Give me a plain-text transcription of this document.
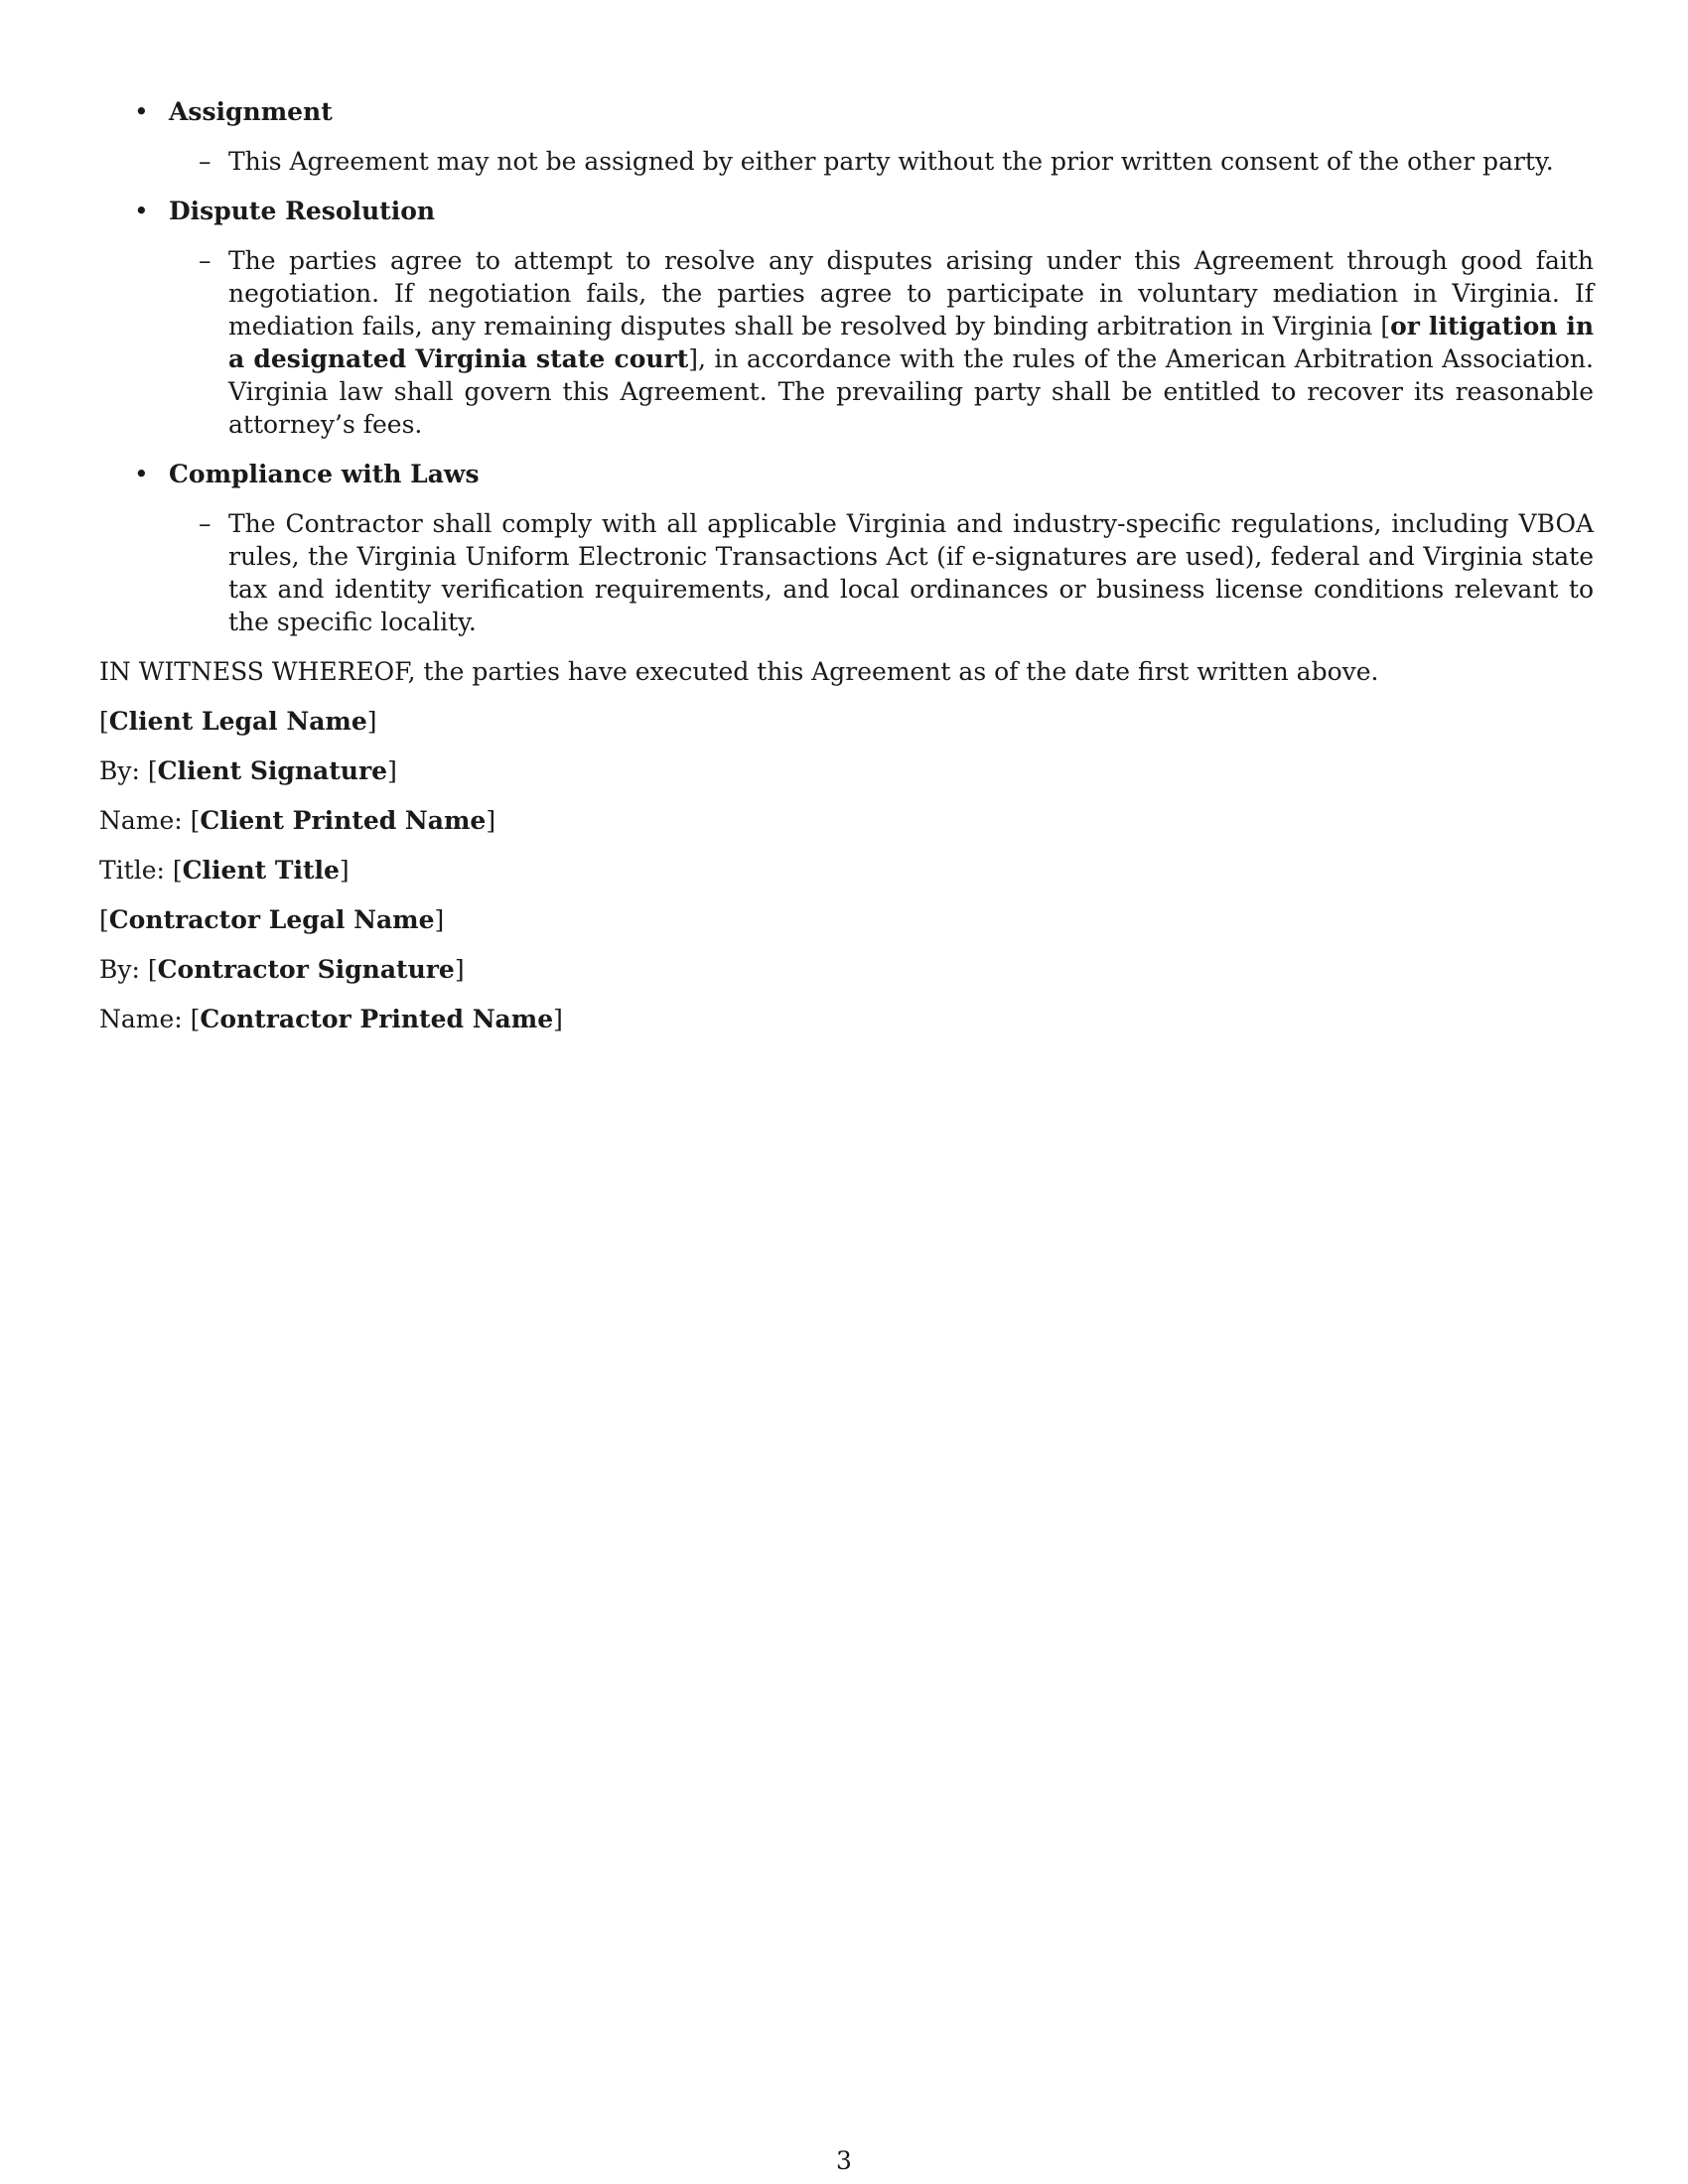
• Assignment
– This Agreement may not be assigned by either party without the prior written consent of the other party.
• Dispute Resolution
– The parties agree to attempt to resolve any disputes arising under this Agreement through good faith negotiation. If negotiation fails, the parties agree to participate in voluntary mediation in Virginia. If mediation fails, any remaining disputes shall be resolved by binding arbitration in Virginia [or litigation in a designated Virginia state court], in accordance with the rules of the American Arbitration Association. Virginia law shall govern this Agreement. The prevailing party shall be entitled to recover its reasonable attorney’s fees.
• Compliance with Laws
– The Contractor shall comply with all applicable Virginia and industry-specific regulations, including VBOA rules, the Virginia Uniform Electronic Transactions Act (if e-signatures are used), federal and Virginia state tax and identity verification requirements, and local ordinances or business license conditions relevant to the specific locality.

IN WITNESS WHEREOF, the parties have executed this Agreement as of the date first written above.

[Client Legal Name]

By: [Client Signature]

Name: [Client Printed Name]

Title: [Client Title]

[Contractor Legal Name]

By: [Contractor Signature]

Name: [Contractor Printed Name]

3
